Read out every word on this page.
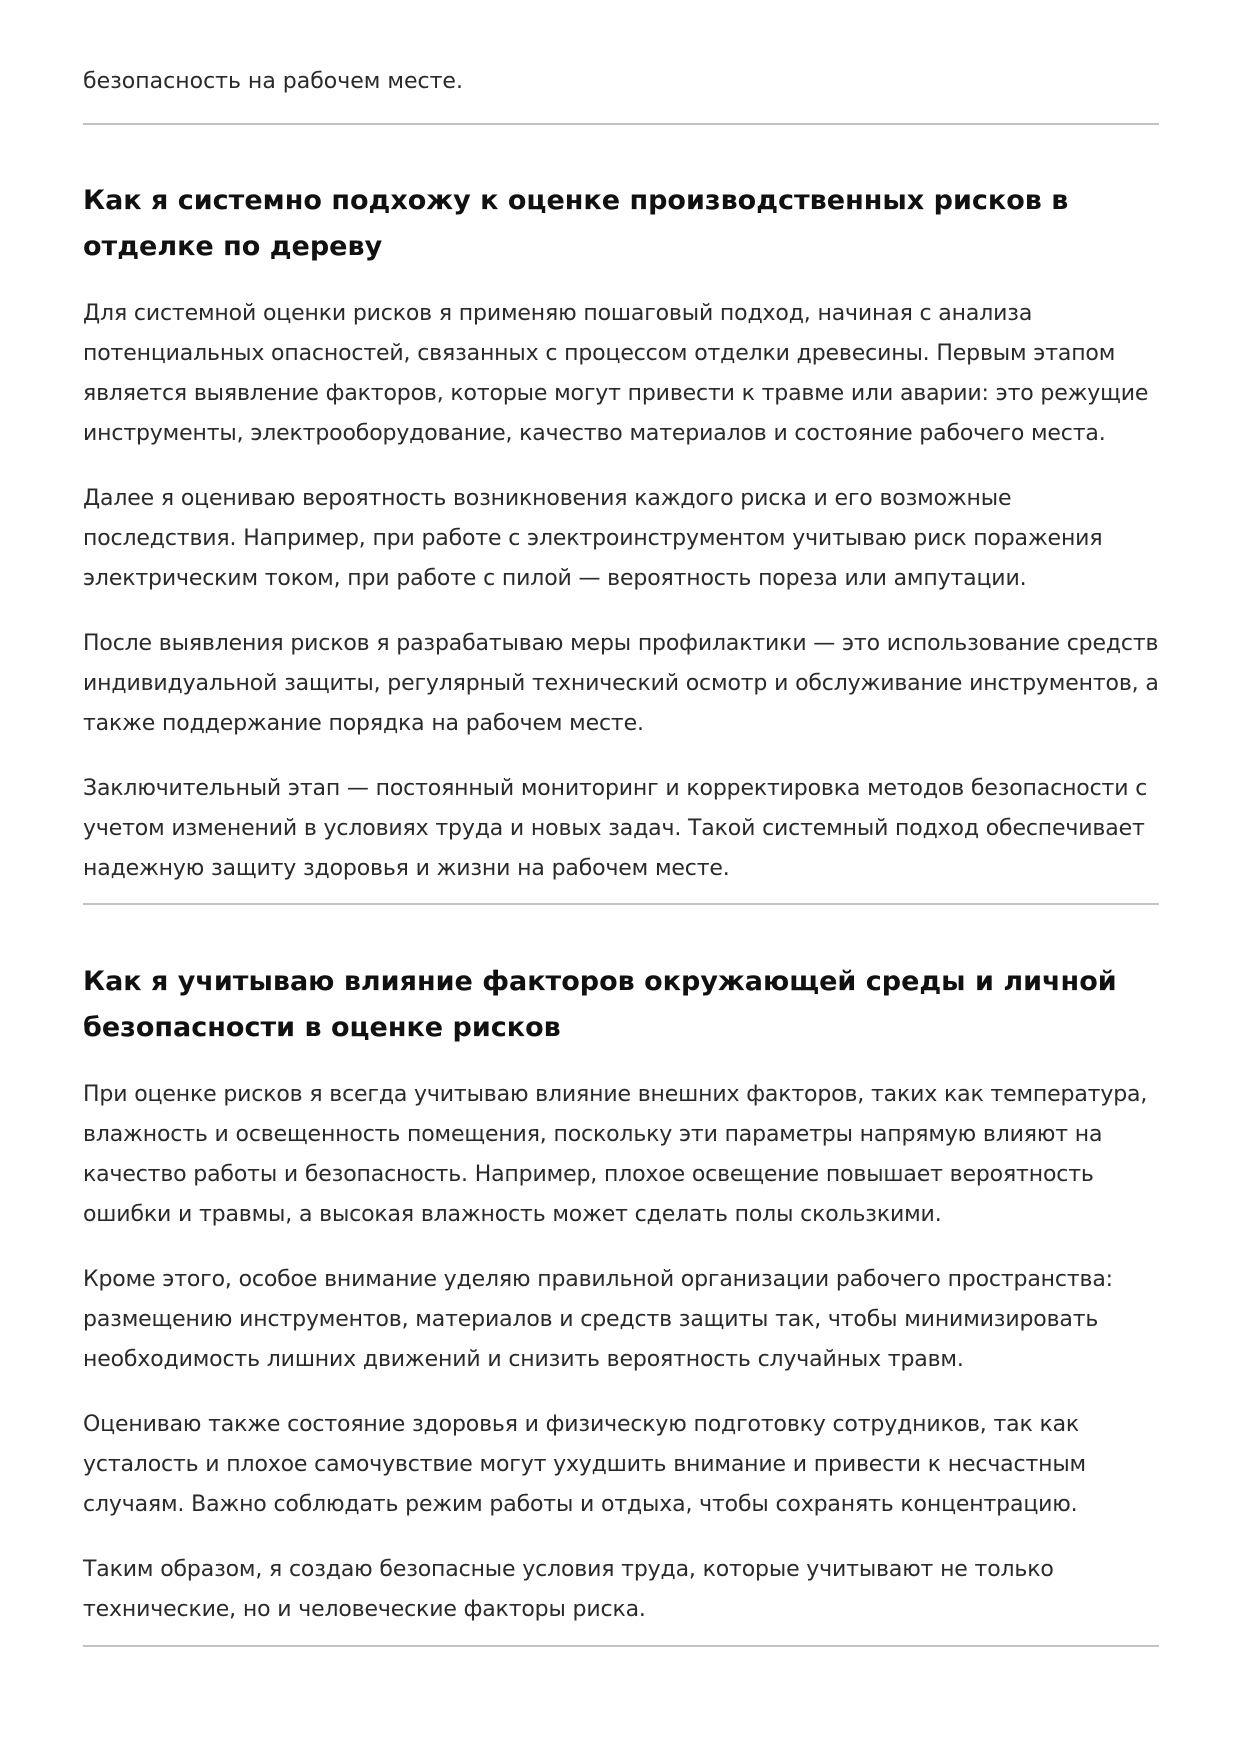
безопасность на рабочем месте.

Как я системно подхожу к оценке производственных рисков в отделке по дереву

Для системной оценки рисков я применяю пошаговый подход, начиная с анализа потенциальных опасностей, связанных с процессом отделки древесины. Первым этапом является выявление факторов, которые могут привести к травме или аварии: это режущие инструменты, электрооборудование, качество материалов и состояние рабочего места.

Далее я оцениваю вероятность возникновения каждого риска и его возможные последствия. Например, при работе с электроинструментом учитываю риск поражения электрическим током, при работе с пилой — вероятность пореза или ампутации.

После выявления рисков я разрабатываю меры профилактики — это использование средств индивидуальной защиты, регулярный технический осмотр и обслуживание инструментов, а также поддержание порядка на рабочем месте.

Заключительный этап — постоянный мониторинг и корректировка методов безопасности с учетом изменений в условиях труда и новых задач. Такой системный подход обеспечивает надежную защиту здоровья и жизни на рабочем месте.

Как я учитываю влияние факторов окружающей среды и личной безопасности в оценке рисков

При оценке рисков я всегда учитываю влияние внешних факторов, таких как температура, влажность и освещенность помещения, поскольку эти параметры напрямую влияют на качество работы и безопасность. Например, плохое освещение повышает вероятность ошибки и травмы, а высокая влажность может сделать полы скользкими.

Кроме этого, особое внимание уделяю правильной организации рабочего пространства: размещению инструментов, материалов и средств защиты так, чтобы минимизировать необходимость лишних движений и снизить вероятность случайных травм.

Оцениваю также состояние здоровья и физическую подготовку сотрудников, так как усталость и плохое самочувствие могут ухудшить внимание и привести к несчастным случаям. Важно соблюдать режим работы и отдыха, чтобы сохранять концентрацию.

Таким образом, я создаю безопасные условия труда, которые учитывают не только технические, но и человеческие факторы риска.
